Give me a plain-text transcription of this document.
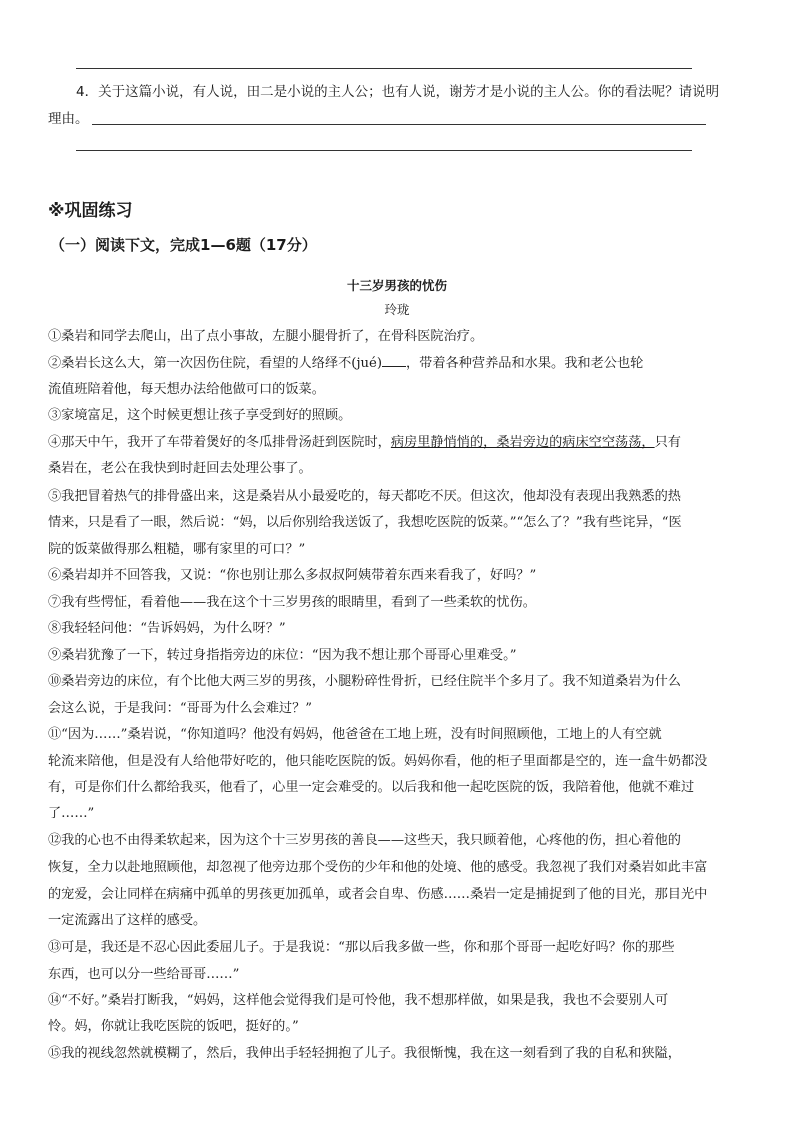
4．关于这篇小说，有人说，田二是小说的主人公；也有人说，谢芳才是小说的主人公。你的看法呢？请说明
理由。
※巩固练习
（一）阅读下文，完成1—6题（17分）
十三岁男孩的忧伤
玲珑
①桑岩和同学去爬山，出了点小事故，左腿小腿骨折了，在骨科医院治疗。
②桑岩长这么大，第一次因伤住院，看望的人络绎不(jué) ，带着各种营养品和水果。我和老公也轮
流值班陪着他，每天想办法给他做可口的饭菜。
③家境富足，这个时候更想让孩子享受到好的照顾。
④那天中午，我开了车带着煲好的冬瓜排骨汤赶到医院时，病房里静悄悄的，桑岩旁边的病床空空荡荡，只有
桑岩在，老公在我快到时赶回去处理公事了。
⑤我把冒着热气的排骨盛出来，这是桑岩从小最爱吃的，每天都吃不厌。但这次，他却没有表现出我熟悉的热
情来，只是看了一眼，然后说：“妈，以后你别给我送饭了，我想吃医院的饭菜。”“怎么了？”我有些诧异，“医
院的饭菜做得那么粗糙，哪有家里的可口？”
⑥桑岩却并不回答我，又说：“你也别让那么多叔叔阿姨带着东西来看我了，好吗？”
⑦我有些愕怔，看着他——我在这个十三岁男孩的眼睛里，看到了一些柔软的忧伤。
⑧我轻轻问他：“告诉妈妈，为什么呀？”
⑨桑岩犹豫了一下，转过身指指旁边的床位：“因为我不想让那个哥哥心里难受。”
⑩桑岩旁边的床位，有个比他大两三岁的男孩，小腿粉碎性骨折，已经住院半个多月了。我不知道桑岩为什么
会这么说，于是我问：“哥哥为什么会难过？”
⑪“因为……”桑岩说，“你知道吗？他没有妈妈，他爸爸在工地上班，没有时间照顾他，工地上的人有空就
轮流来陪他，但是没有人给他带好吃的，他只能吃医院的饭。妈妈你看，他的柜子里面都是空的，连一盒牛奶都没
有，可是你们什么都给我买，他看了，心里一定会难受的。以后我和他一起吃医院的饭，我陪着他，他就不难过
了……”
⑫我的心也不由得柔软起来，因为这个十三岁男孩的善良——这些天，我只顾着他，心疼他的伤，担心着他的
恢复，全力以赴地照顾他，却忽视了他旁边那个受伤的少年和他的处境、他的感受。我忽视了我们对桑岩如此丰富
的宠爱，会让同样在病痛中孤单的男孩更加孤单，或者会自卑、伤感……桑岩一定是捕捉到了他的目光，那目光中
一定流露出了这样的感受。
⑬可是，我还是不忍心因此委屈儿子。于是我说：“那以后我多做一些，你和那个哥哥一起吃好吗？你的那些
东西，也可以分一些给哥哥……”
⑭“不好。”桑岩打断我，“妈妈，这样他会觉得我们是可怜他，我不想那样做，如果是我，我也不会要别人可
怜。妈，你就让我吃医院的饭吧，挺好的。”
⑮我的视线忽然就模糊了，然后，我伸出手轻轻拥抱了儿子。我很惭愧，我在这一刻看到了我的自私和狭隘，
